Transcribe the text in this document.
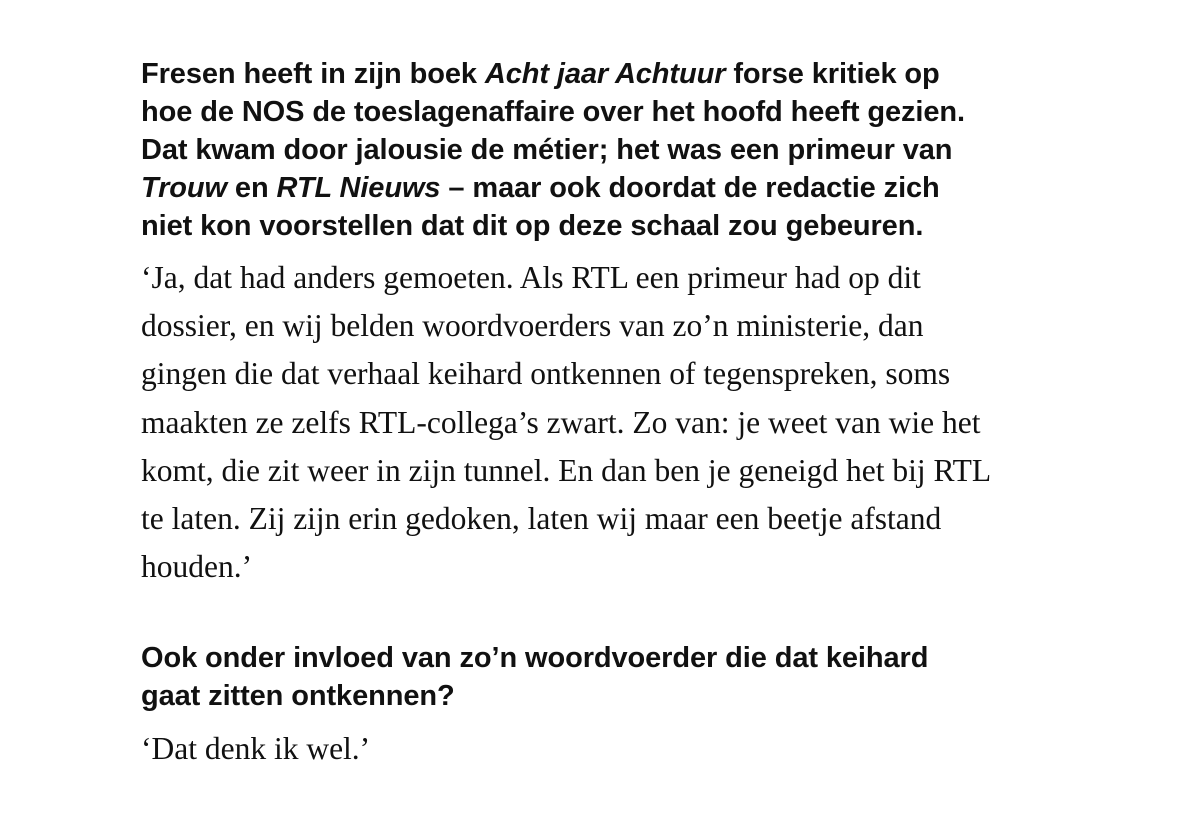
Fresen heeft in zijn boek Acht jaar Achtuur forse kritiek op
hoe de NOS de toeslagenaffaire over het hoofd heeft gezien.
Dat kwam door jalousie de métier; het was een primeur van
Trouw en RTL Nieuws – maar ook doordat de redactie zich
niet kon voorstellen dat dit op deze schaal zou gebeuren.

‘Ja, dat had anders gemoeten. Als RTL een primeur had op dit
dossier, en wij belden woordvoerders van zo’n ministerie, dan
gingen die dat verhaal keihard ontkennen of tegenspreken, soms
maakten ze zelfs RTL-collega’s zwart. Zo van: je weet van wie het
komt, die zit weer in zijn tunnel. En dan ben je geneigd het bij RTL
te laten. Zij zijn erin gedoken, laten wij maar een beetje afstand
houden.’

Ook onder invloed van zo’n woordvoerder die dat keihard
gaat zitten ontkennen?

‘Dat denk ik wel.’
